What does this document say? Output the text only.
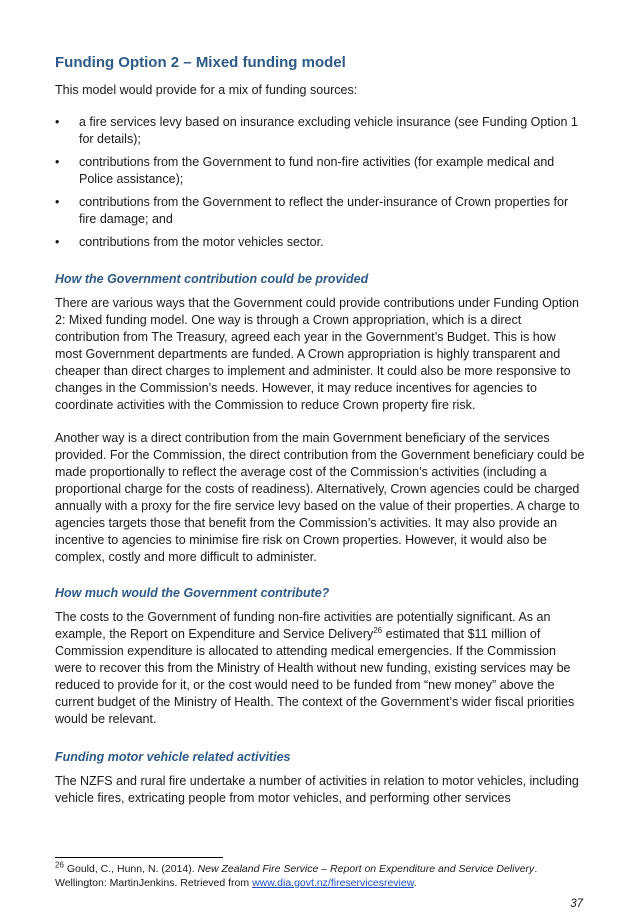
Funding Option 2 – Mixed funding model

This model would provide for a mix of funding sources:

• a fire services levy based on insurance excluding vehicle insurance (see Funding Option 1 for details);
• contributions from the Government to fund non-fire activities (for example medical and Police assistance);
• contributions from the Government to reflect the under-insurance of Crown properties for fire damage; and
• contributions from the motor vehicles sector.
How the Government contribution could be provided

There are various ways that the Government could provide contributions under Funding Option 2: Mixed funding model. One way is through a Crown appropriation, which is a direct contribution from The Treasury, agreed each year in the Government’s Budget. This is how most Government departments are funded. A Crown appropriation is highly transparent and cheaper than direct charges to implement and administer. It could also be more responsive to changes in the Commission’s needs. However, it may reduce incentives for agencies to coordinate activities with the Commission to reduce Crown property fire risk.

Another way is a direct contribution from the main Government beneficiary of the services provided. For the Commission, the direct contribution from the Government beneficiary could be made proportionally to reflect the average cost of the Commission’s activities (including a proportional charge for the costs of readiness). Alternatively, Crown agencies could be charged annually with a proxy for the fire service levy based on the value of their properties. A charge to agencies targets those that benefit from the Commission’s activities. It may also provide an incentive to agencies to minimise fire risk on Crown properties. However, it would also be complex, costly and more difficult to administer.

How much would the Government contribute?

The costs to the Government of funding non-fire activities are potentially significant. As an example, the Report on Expenditure and Service Delivery$^{26}$ estimated that $11 million of Commission expenditure is allocated to attending medical emergencies. If the Commission were to recover this from the Ministry of Health without new funding, existing services may be reduced to provide for it, or the cost would need to be funded from “new money” above the current budget of the Ministry of Health. The context of the Government’s wider fiscal priorities would be relevant.

Funding motor vehicle related activities

The NZFS and rural fire undertake a number of activities in relation to motor vehicles, including vehicle fires, extricating people from motor vehicles, and performing other services

$^{26}$ Gould, C., Hunn, N. (2014). New Zealand Fire Service – Report on Expenditure and Service Delivery. Wellington: MartinJenkins. Retrieved from www.dia.govt.nz/fireservicesreview.

37
